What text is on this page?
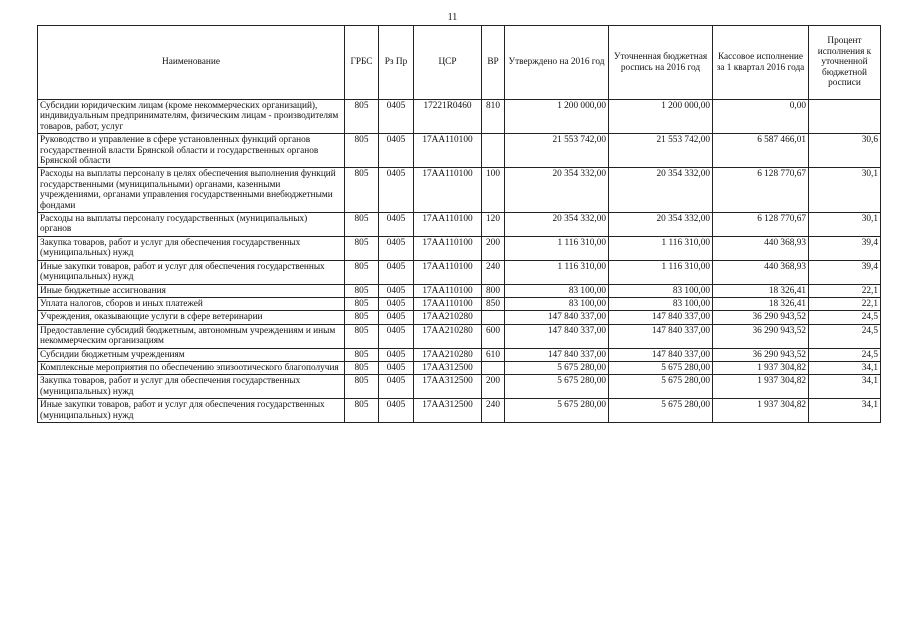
11
Наименование	ГРБС	Рз Пр	ЦСР	ВР	Утверждено на 2016 год	Уточненная бюджетная роспись на 2016 год	Кассовое исполнение за 1 квартал 2016 года	Процент исполнения к уточненной бюджетной росписи
Субсидии юридическим лицам (кроме некоммерческих организаций), индивидуальным предпринимателям, физическим лицам - производителям товаров, работ, услуг	805	0405	17221R0460	810	1 200 000,00	1 200 000,00	0,00	
Руководство и управление в сфере установленных функций органов государственной власти Брянской области и государственных органов Брянской области	805	0405	17АА110100		21 553 742,00	21 553 742,00	6 587 466,01	30,6
Расходы на выплаты персоналу в целях обеспечения выполнения функций государственными (муниципальными) органами, казенными учреждениями, органами управления государственными внебюджетными фондами	805	0405	17АА110100	100	20 354 332,00	20 354 332,00	6 128 770,67	30,1
Расходы на выплаты персоналу государственных (муниципальных) органов	805	0405	17АА110100	120	20 354 332,00	20 354 332,00	6 128 770,67	30,1
Закупка товаров, работ и услуг для обеспечения государственных (муниципальных) нужд	805	0405	17АА110100	200	1 116 310,00	1 116 310,00	440 368,93	39,4
Иные закупки товаров, работ и услуг для обеспечения государственных (муниципальных) нужд	805	0405	17АА110100	240	1 116 310,00	1 116 310,00	440 368,93	39,4
Иные бюджетные ассигнования	805	0405	17АА110100	800	83 100,00	83 100,00	18 326,41	22,1
Уплата налогов, сборов и иных платежей	805	0405	17АА110100	850	83 100,00	83 100,00	18 326,41	22,1
Учреждения, оказывающие услуги в сфере ветеринарии	805	0405	17АА210280		147 840 337,00	147 840 337,00	36 290 943,52	24,5
Предоставление субсидий бюджетным, автономным учреждениям и иным некоммерческим организациям	805	0405	17АА210280	600	147 840 337,00	147 840 337,00	36 290 943,52	24,5
Субсидии бюджетным учреждениям	805	0405	17АА210280	610	147 840 337,00	147 840 337,00	36 290 943,52	24,5
Комплексные мероприятия по обеспечению эпизоотического благополучия	805	0405	17АА312500		5 675 280,00	5 675 280,00	1 937 304,82	34,1
Закупка товаров, работ и услуг для обеспечения государственных (муниципальных) нужд	805	0405	17АА312500	200	5 675 280,00	5 675 280,00	1 937 304,82	34,1
Иные закупки товаров, работ и услуг для обеспечения государственных (муниципальных) нужд	805	0405	17АА312500	240	5 675 280,00	5 675 280,00	1 937 304,82	34,1
